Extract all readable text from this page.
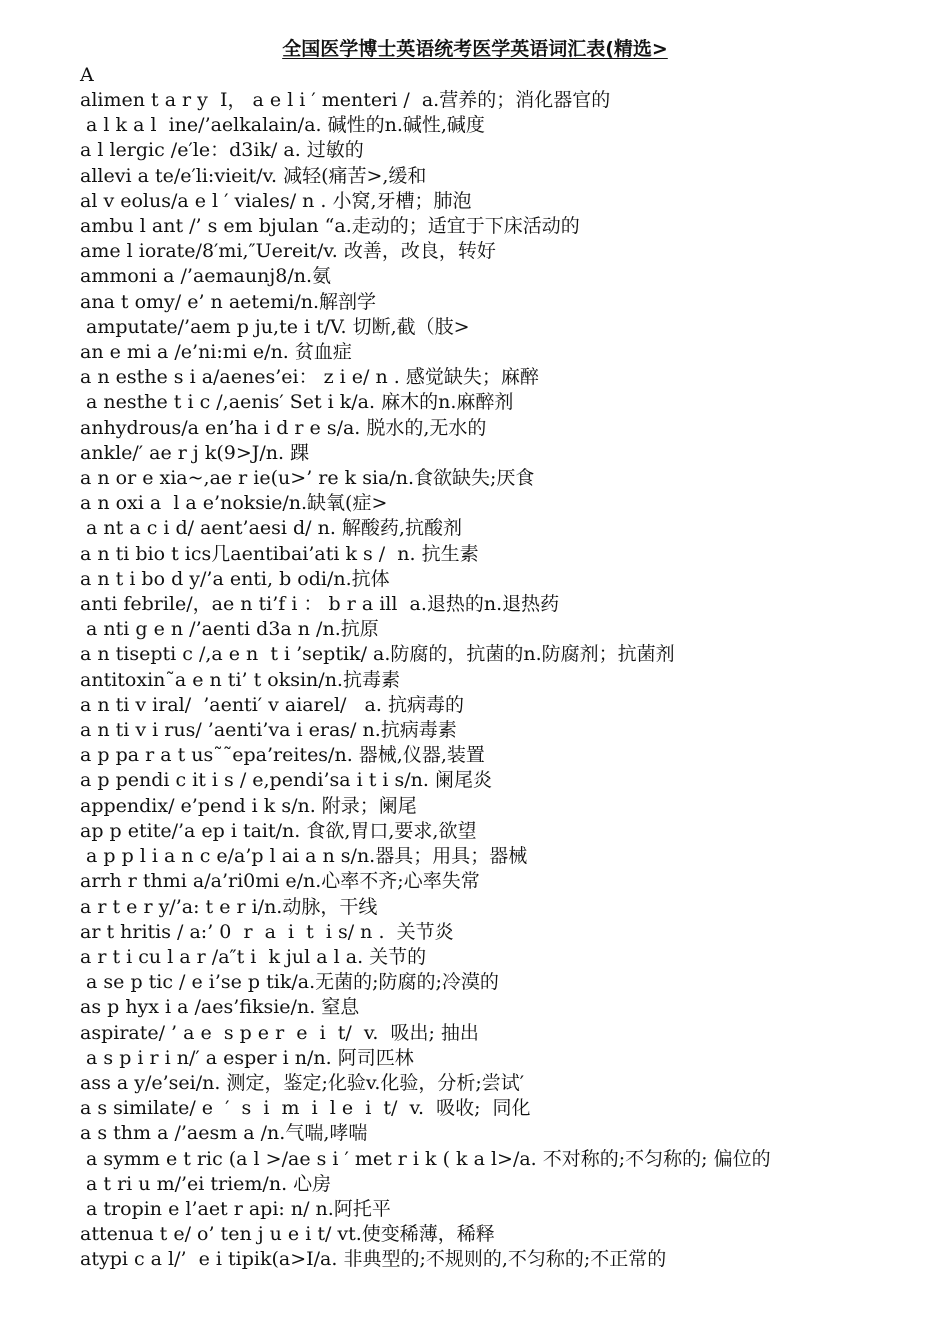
全国医学博士英语统考医学英语词汇表(精选>
A
alimen t a r y  I， a e l i ′ menteri /  a.营养的；消化器官的
a l k a l  ine/’aelkalain/a. 碱性的n.碱性,碱度
a l lergic /e′le：d3ik/ a. 过敏的
allevi a te/e′li:vieit/v. 减轻(痛苦>,缓和
al v eolus/a e l ′ viales/ n . 小窝,牙槽；肺泡
ambu l ant /’ s em bjulan “a.走动的；适宜于下床活动的
ame l iorate/8′mi,″Uereit/v. 改善，改良，转好
ammoni a /’aemaunj8/n.氨
ana t omy/ e’ n aetemi/n.解剖学
amputate/’aem p ju,te i t/V. 切断,截（肢>
an e mi a /e’ni:mi e/n. 贫血症
a n esthe s i a/aenes’ei： z i e/ n . 感觉缺失；麻醉
a nesthe t i c /,aenis′ Set i k/a. 麻木的n.麻醉剂
anhydrous/a en’ha i d r e s/a. 脱水的,无水的
ankle/′ ae r j k(9>J/n. 踝
a n or e xia~,ae r ie(u>’ re k sia/n.食欲缺失;厌食
a n oxi a  l a e’noksie/n.缺氧(症>
a nt a c i d/ aent’aesi d/ n. 解酸药,抗酸剂
a n ti bio t ics几aentibai’ati k s /  n. 抗生素
a n t i bo d y/’a enti, b odi/n.抗体
anti febrile/，ae n ti’f i ： b r a ill  a.退热的n.退热药
a nti g e n /’aenti d3a n /n.抗原
a n tisepti c /,a e n  t i ’septik/ a.防腐的，抗菌的n.防腐剂；抗菌剂
antitoxin˜a e n ti’ t oksin/n.抗毒素
a n ti v iral/  ’aenti′ v aiarel/   a. 抗病毒的
a n ti v i rus/ ’aenti’va i eras/ n.抗病毒素
a p pa r a t us˜˜epa’reites/n. 器械,仪器,装置
a p pendi c it i s / e,pendi’sa i t i s/n. 阑尾炎
appendix/ e’pend i k s/n. 附录；阑尾
ap p etite/’a ep i tait/n. 食欲,胃口,要求,欲望
a p p l i a n c e/a’p l ai a n s/n.器具；用具；器械
arrh r thmi a/a’ri0mi e/n.心率不齐;心率失常
a r t e r y/’a: t e r i/n.动脉，干线
ar t hritis / a:’ 0  r  a  i  t  i s/ n .  关节炎
a r t i cu l a r /a″t i  k jul a l a. 关节的
a se p tic / e i’se p tik/a.无菌的;防腐的;冷漠的
as p hyx i a /aes’fiksie/n. 窒息
aspirate/ ’ a e  s p e r  e  i  t/  v.  吸出; 抽出
a s p i r i n/′ a esper i n/n. 阿司匹林
ass a y/e’sei/n. 测定，鉴定;化验v.化验，分析;尝试′
a s similate/ e  ′  s  i  m  i  l e  i  t/  v.  吸收;  同化
a s thm a /’aesm a /n.气喘,哮喘
a symm e t ric (a l >/ae s i ′ met r i k ( k a l>/a. 不对称的;不匀称的; 偏位的
a t ri u m/’ei triem/n. 心房
a tropin e l’aet r api: n/ n.阿托平
attenua t e/ o’ ten j u e i t/ vt.使变稀薄，稀释
atypi c a l/’  e i tipik(a>I/a. 非典型的;不规则的,不匀称的;不正常的
